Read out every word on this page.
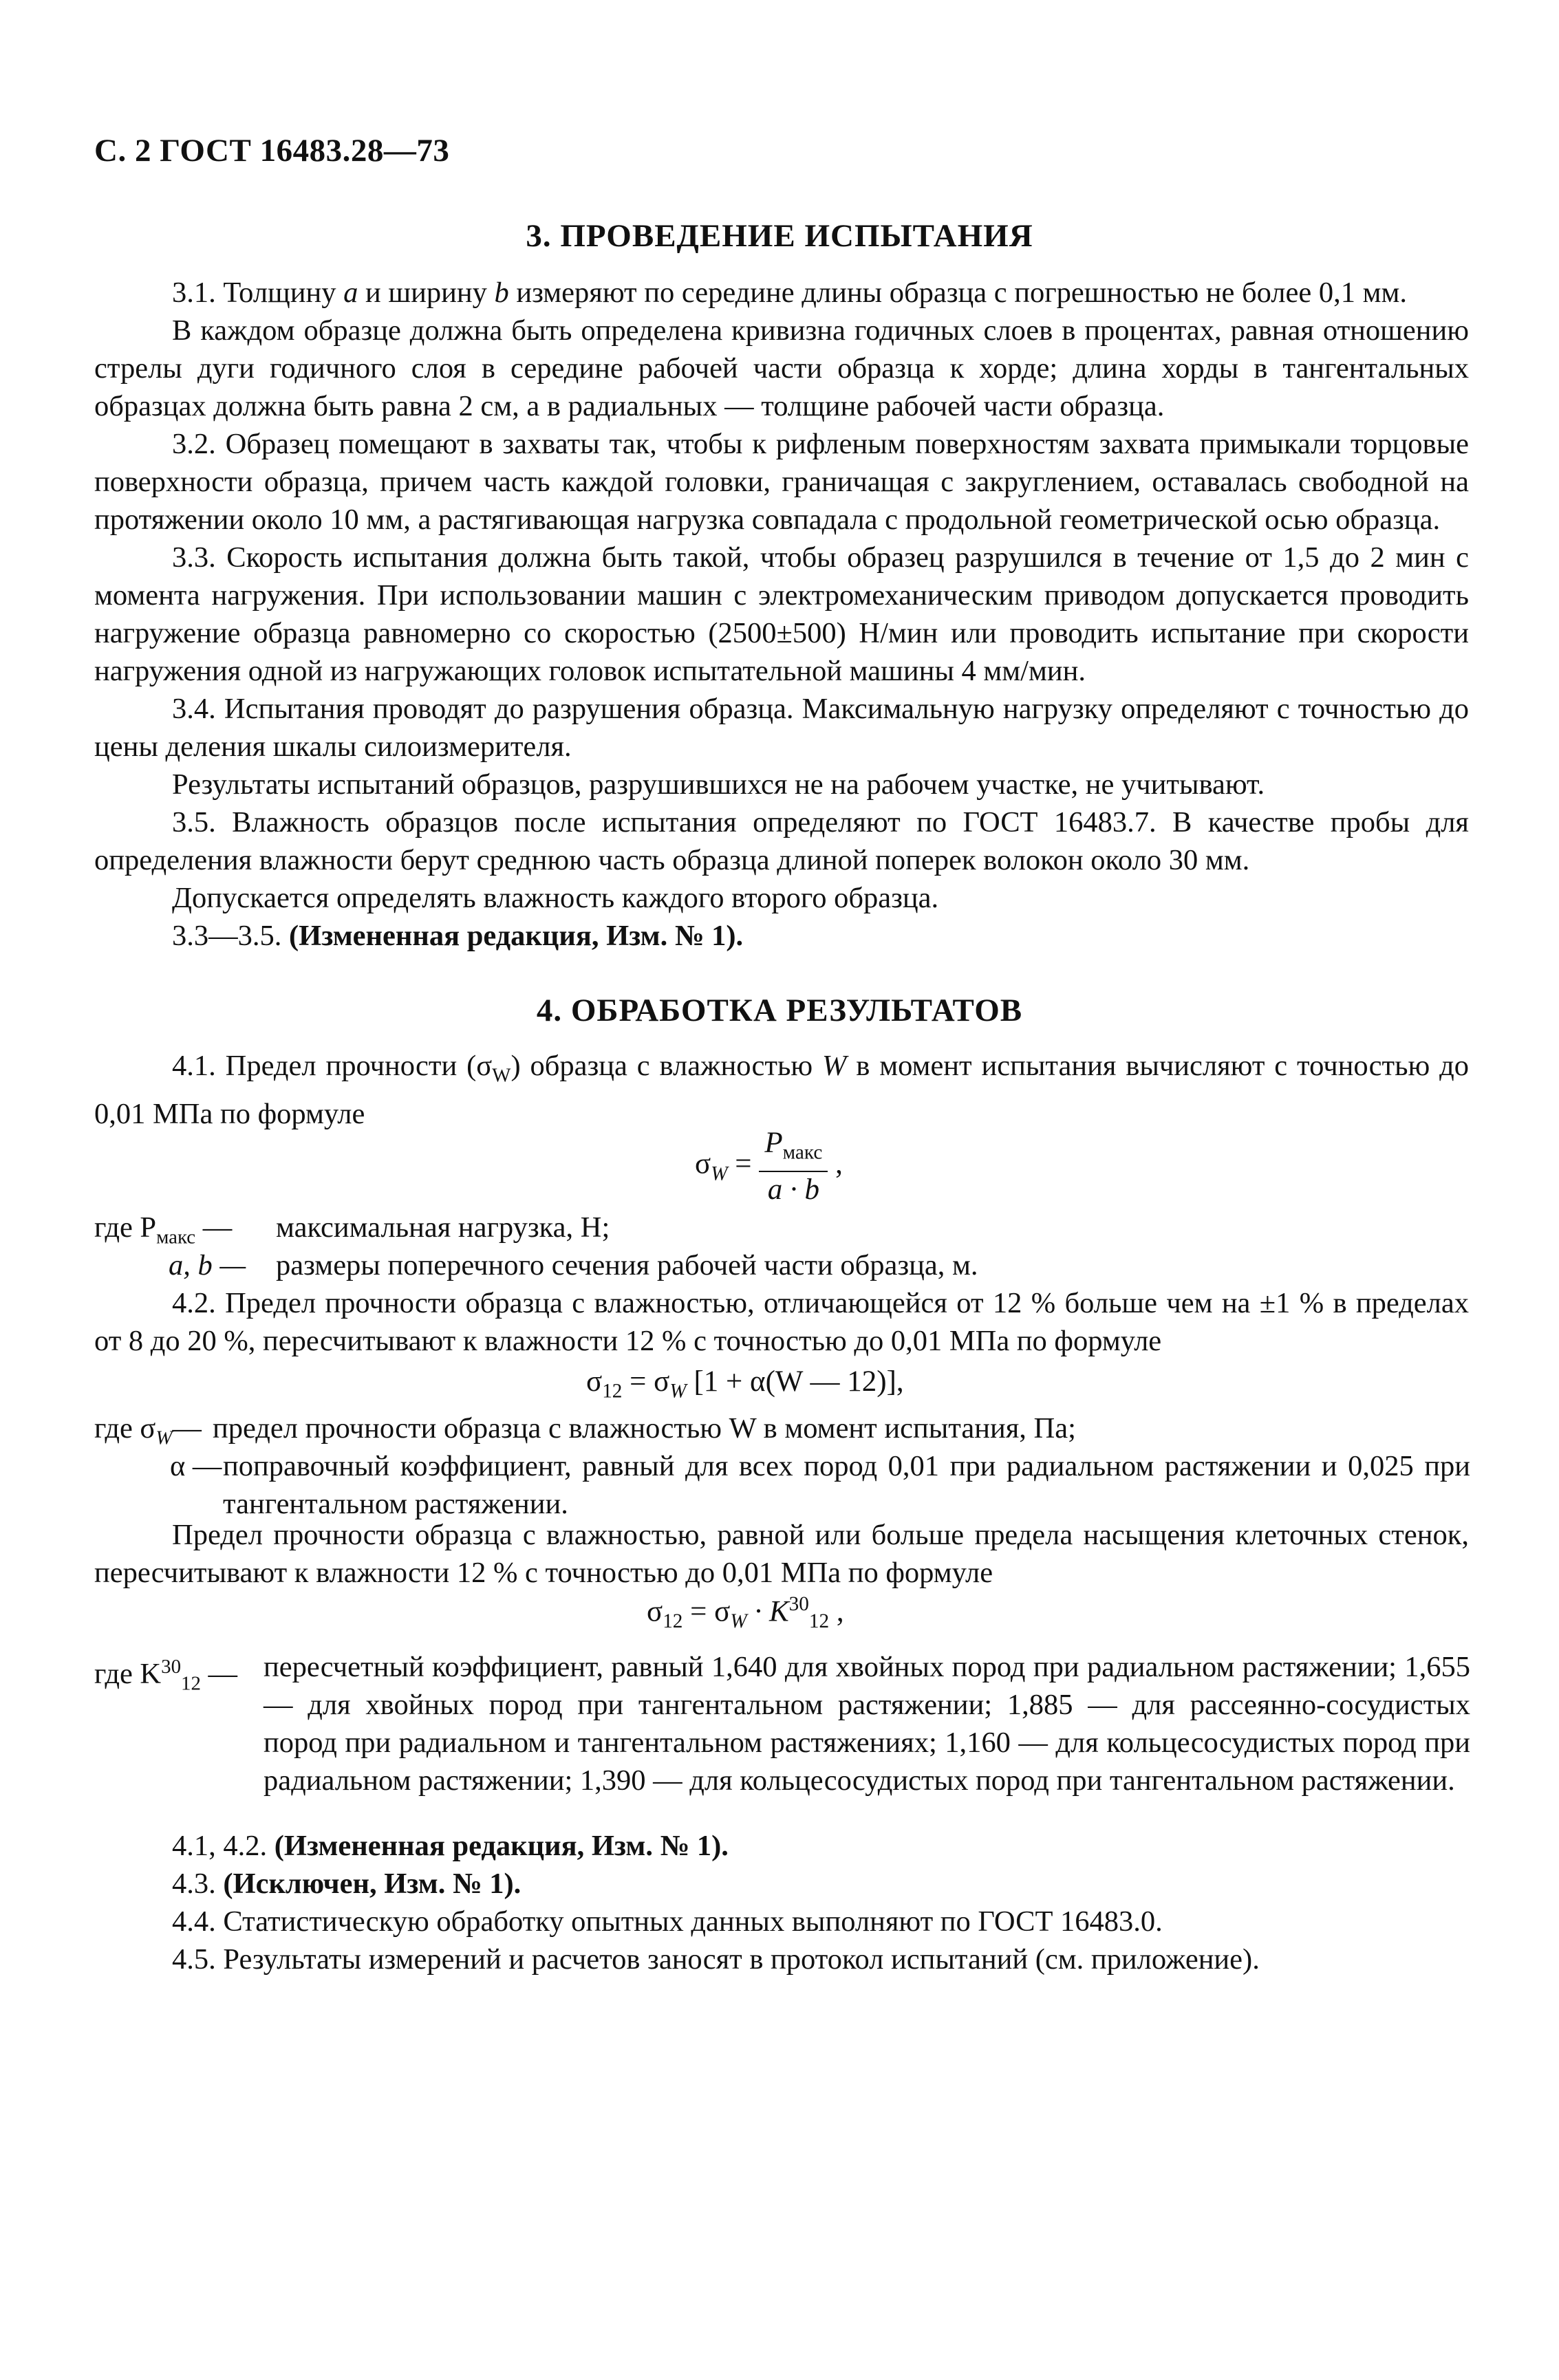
С. 2 ГОСТ 16483.28—73
3. ПРОВЕДЕНИЕ ИСПЫТАНИЯ

3.1. Толщину a и ширину b измеряют по середине длины образца с погрешностью не более 0,1 мм.

В каждом образце должна быть определена кривизна годичных слоев в процентах, равная отношению стрелы дуги годичного слоя в середине рабочей части образца к хорде; длина хорды в тангентальных образцах должна быть равна 2 см, а в радиальных — толщине рабочей части образца.

3.2. Образец помещают в захваты так, чтобы к рифленым поверхностям захвата примыкали торцовые поверхности образца, причем часть каждой головки, граничащая с закруглением, оставалась свободной на протяжении около 10 мм, а растягивающая нагрузка совпадала с продольной геометрической осью образца.

3.3. Скорость испытания должна быть такой, чтобы образец разрушился в течение от 1,5 до 2 мин с момента нагружения. При использовании машин с электромеханическим приводом допускается проводить нагружение образца равномерно со скоростью (2500±500) Н/мин или проводить испытание при скорости нагружения одной из нагружающих головок испытательной машины 4 мм/мин.

3.4. Испытания проводят до разрушения образца. Максимальную нагрузку определяют с точностью до цены деления шкалы силоизмерителя.

Результаты испытаний образцов, разрушившихся не на рабочем участке, не учитывают.

3.5. Влажность образцов после испытания определяют по ГОСТ 16483.7. В качестве пробы для определения влажности берут среднюю часть образца длиной поперек волокон около 30 мм.

Допускается определять влажность каждого второго образца.

3.3—3.5. (Измененная редакция, Изм. № 1).

4. ОБРАБОТКА РЕЗУЛЬТАТОВ

4.1. Предел прочности $(\sigma_W)$ образца с влажностью W в момент испытания вычисляют с точностью до 0,01 МПа по формуле

$\sigma_W = \frac{P_{макс}}{a \cdot b}$ ,
где $P_{макс}$ — максимальная нагрузка, Н;
a, b — размеры поперечного сечения рабочей части образца, м.

4.2. Предел прочности образца с влажностью, отличающейся от 12 % больше чем на ±1 % в пределах от 8 до 20 %, пересчитывают к влажности 12 % с точностью до 0,01 МПа по формуле

$\sigma_{12} = \sigma_W$ [1 + α(W — 12)],
где $\sigma_W—$ предел прочности образца с влажностью W в момент испытания, Па;
α — поправочный коэффициент, равный для всех пород 0,01 при радиальном растяжении и 0,025 при тангентальном растяжении.

Предел прочности образца с влажностью, равной или больше предела насыщения клеточных стенок, пересчитывают к влажности 12 % с точностью до 0,01 МПа по формуле

$\sigma_{12} = \sigma_W \cdot K^{30}_{12}$ ,
где $K^{30}_{12}$ — пересчетный коэффициент, равный 1,640 для хвойных пород при радиальном растяжении; 1,655 — для хвойных пород при тангентальном растяжении; 1,885 — для рассеянно-сосудистых пород при радиальном и тангентальном растяжениях; 1,160 — для кольцесосудистых пород при радиальном растяжении; 1,390 — для кольцесосудистых пород при тангентальном растяжении.

4.1, 4.2. (Измененная редакция, Изм. № 1).

4.3. (Исключен, Изм. № 1).

4.4. Статистическую обработку опытных данных выполняют по ГОСТ 16483.0.

4.5. Результаты измерений и расчетов заносят в протокол испытаний (см. приложение).
